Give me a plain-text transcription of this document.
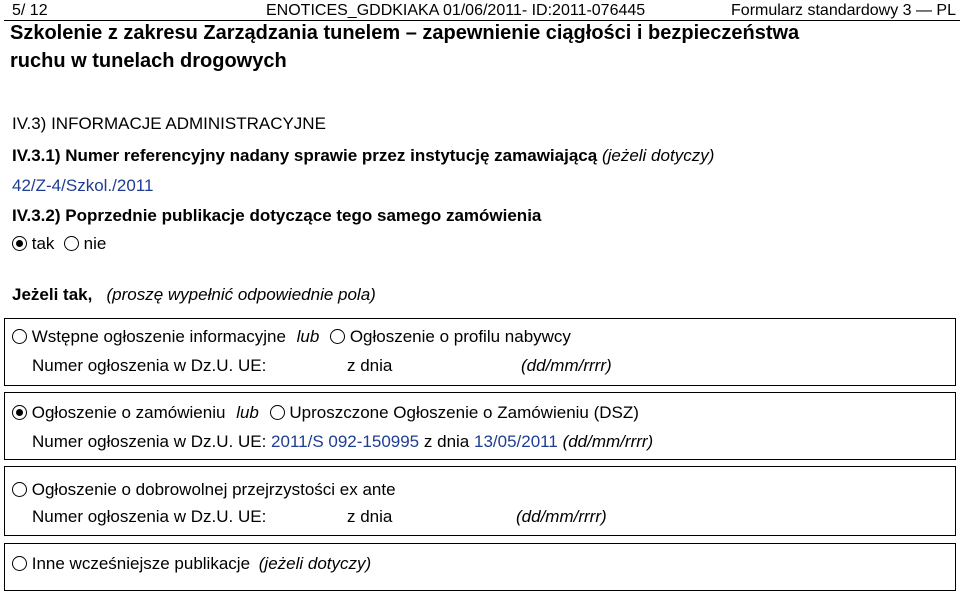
5/ 12	ENOTICES_GDDKIAKA 01/06/2011- ID:2011-076445	Formularz standardowy 3 — PL
Szkolenie z zakresu Zarządzania tunelem – zapewnienie ciągłości i bezpieczeństwa
ruchu w tunelach drogowych
IV.3) INFORMACJE ADMINISTRACYJNE
IV.3.1) Numer referencyjny nadany sprawie przez instytucję zamawiającą (jeżeli dotyczy)
42/Z-4/Szkol./2011
IV.3.2) Poprzednie publikacje dotyczące tego samego zamówienia
tak nie
Jeżeli tak, (proszę wypełnić odpowiednie pola)
Wstępne ogłoszenie informacyjne lub Ogłoszenie o profilu nabywcy
Numer ogłoszenia w Dz.U. UE:	z dnia	(dd/mm/rrrr)
Ogłoszenie o zamówieniu lub Uproszczone Ogłoszenie o Zamówieniu (DSZ)
Numer ogłoszenia w Dz.U. UE: 2011/S 092-150995 z dnia 13/05/2011 (dd/mm/rrrr)
Ogłoszenie o dobrowolnej przejrzystości ex ante
Numer ogłoszenia w Dz.U. UE:	z dnia	(dd/mm/rrrr)
Inne wcześniejsze publikacje (jeżeli dotyczy)
